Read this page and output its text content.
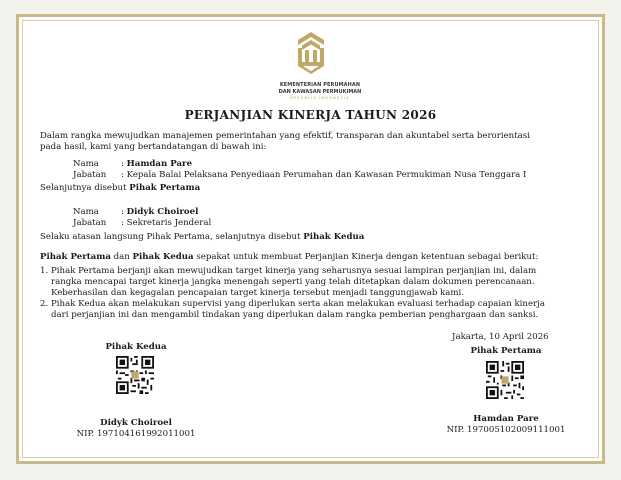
KEMENTERIAN PERUMAHAN
DAN KAWASAN PERMUKIMAN
REPUBLIK INDONESIA
PERJANJIAN KINERJA TAHUN 2026
Dalam rangka mewujudkan manajemen pemerintahan yang efektif, transparan dan akuntabel serta berorientasi
pada hasil, kami yang bertandatangan di bawah ini:
Nama	: Hamdan Pare
Jabatan : Kepala Balai Pelaksana Penyediaan Perumahan dan Kawasan Permukiman Nusa Tenggara I
Selanjutnya disebut Pihak Pertama
Nama	: Didyk Choiroel
Jabatan : Sekretaris Jenderal
Selaku atasan langsung Pihak Pertama, selanjutnya disebut Pihak Kedua
Pihak Pertama dan Pihak Kedua sepakat untuk membuat Perjanjian Kinerja dengan ketentuan sebagai berikut:
1. Pihak Pertama berjanji akan mewujudkan target kinerja yang seharusnya sesuai lampiran perjanjian ini, dalam
rangka mencapai target kinerja jangka menengah seperti yang telah ditetapkan dalam dokumen perencanaan.
Keberhasilan dan kegagalan pencapaian target kinerja tersebut menjadi tanggungjawab kami.
2. Pihak Kedua akan melakukan supervisi yang diperlukan serta akan melakukan evaluasi terhadap capaian kinerja
dari perjanjian ini dan mengambil tindakan yang diperlukan dalam rangka pemberian penghargaan dan sanksi.
Jakarta, 10 April 2026
Pihak Kedua
Didyk Choiroel
NIP. 197104161992011001
Pihak Pertama
Hamdan Pare
NIP. 197005102009111001
